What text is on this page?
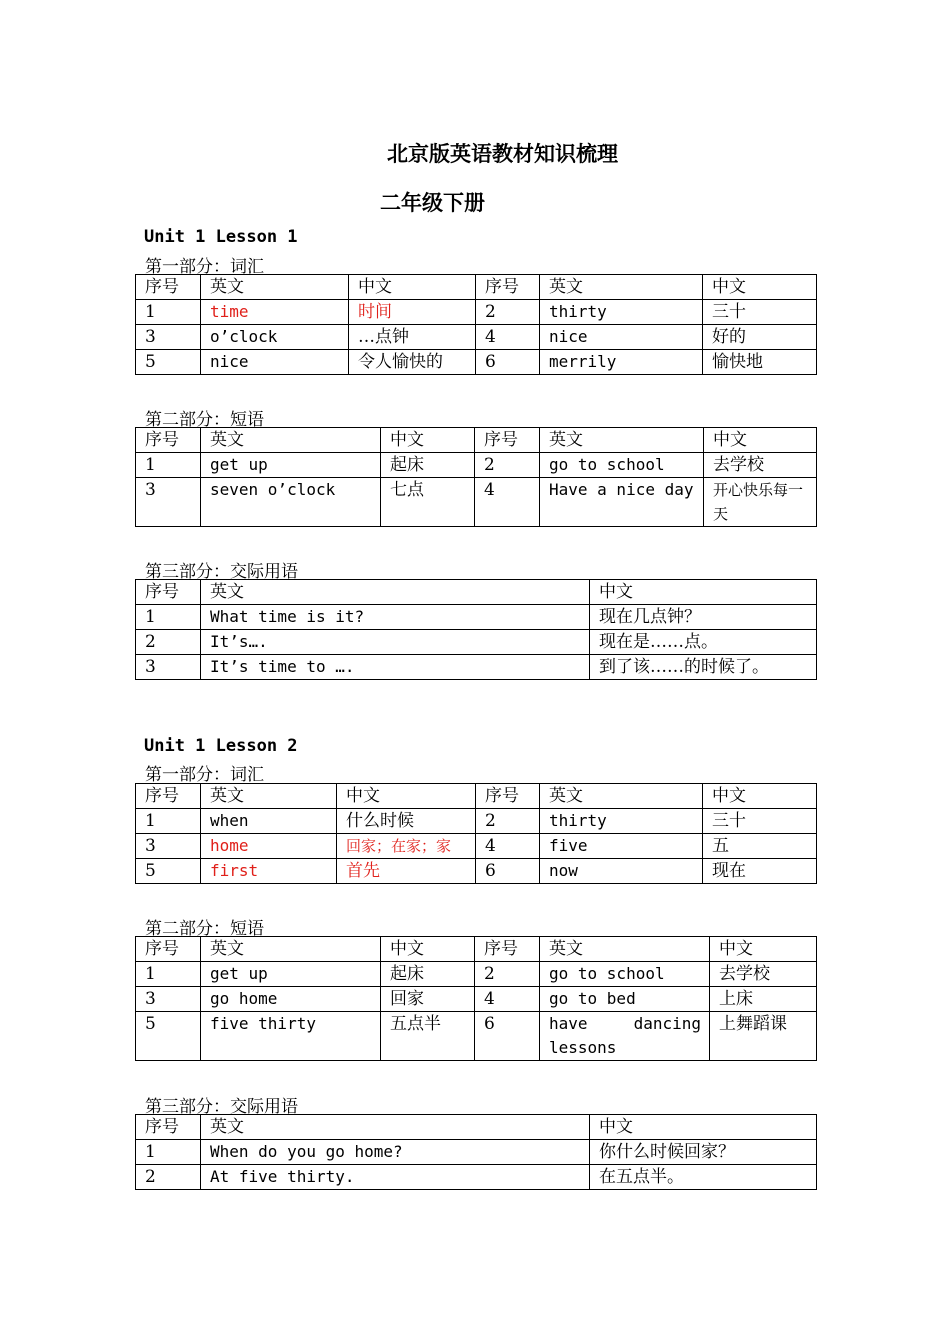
北京版英语教材知识梳理
二年级下册
Unit 1 Lesson 1
第一部分：词汇
序号	英文	中文	序号	英文	中文
1	time	时间	2	thirty	三十
3	o’clock	…点钟	4	nice	好的
5	nice	令人愉快的	6	merrily	愉快地
第二部分：短语
序号	英文	中文	序号	英文	中文
1	get up	起床	2	go to school	去学校
3	seven o’clock	七点	4	Have a nice day	开心快乐每一天
第三部分：交际用语
序号	英文	中文
1	What time is it?	现在几点钟？
2	It’s….	现在是……点。
3	It’s time to ….	到了该……的时候了。
Unit 1 Lesson 2
第一部分：词汇
序号	英文	中文	序号	英文	中文
1	when	什么时候	2	thirty	三十
3	home	回家；在家；家	4	five	五
5	first	首先	6	now	现在
第二部分：短语
序号	英文	中文	序号	英文	中文
1	get up	起床	2	go to school	去学校
3	go home	回家	4	go to bed	上床
5	five thirty	五点半	6	have dancing lessons	上舞蹈课
第三部分：交际用语
序号	英文	中文
1	When do you go home?	你什么时候回家？
2	At five thirty.	在五点半。
